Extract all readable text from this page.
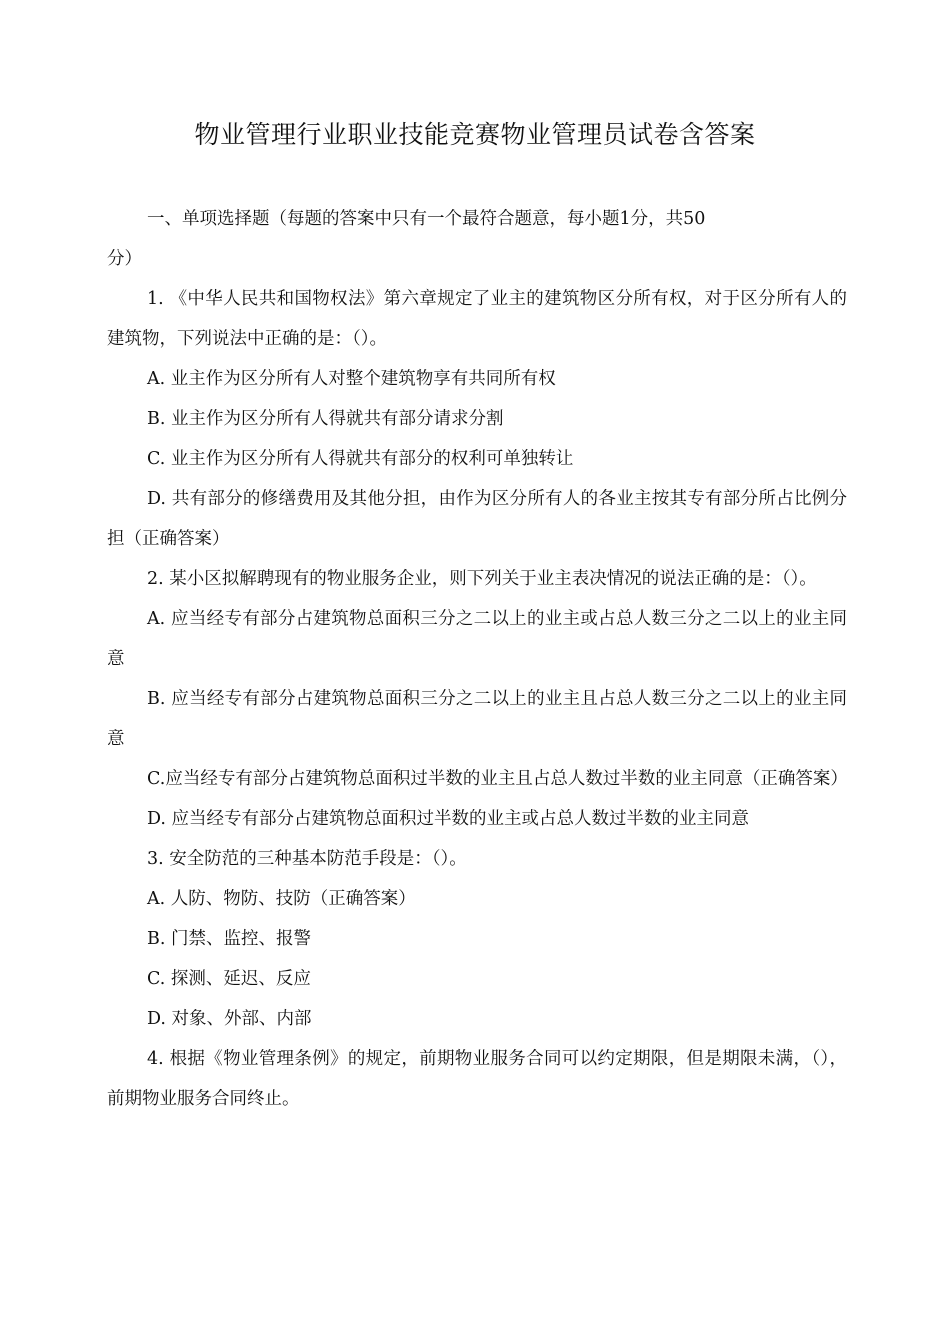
物业管理行业职业技能竞赛物业管理员试卷含答案

一、单项选择题（每题的答案中只有一个最符合题意，每小题1分，共50
分）

1. 《中华人民共和国物权法》第六章规定了业主的建筑物区分所有权，对于区分所有人的建筑物，下列说法中正确的是：（）。

A. 业主作为区分所有人对整个建筑物享有共同所有权

B. 业主作为区分所有人得就共有部分请求分割

C. 业主作为区分所有人得就共有部分的权利可单独转让

D. 共有部分的修缮费用及其他分担，由作为区分所有人的各业主按其专有部分所占比例分担（正确答案）

2. 某小区拟解聘现有的物业服务企业，则下列关于业主表决情况的说法正确的是：（）。

A. 应当经专有部分占建筑物总面积三分之二以上的业主或占总人数三分之二以上的业主同意

B. 应当经专有部分占建筑物总面积三分之二以上的业主且占总人数三分之二以上的业主同意

C.应当经专有部分占建筑物总面积过半数的业主且占总人数过半数的业主同意（正确答案）

D. 应当经专有部分占建筑物总面积过半数的业主或占总人数过半数的业主同意

3. 安全防范的三种基本防范手段是：（）。

A. 人防、物防、技防（正确答案）

B. 门禁、监控、报警

C. 探测、延迟、反应

D. 对象、外部、内部

4. 根据《物业管理条例》的规定，前期物业服务合同可以约定期限，但是期限未满，（），前期物业服务合同终止。
